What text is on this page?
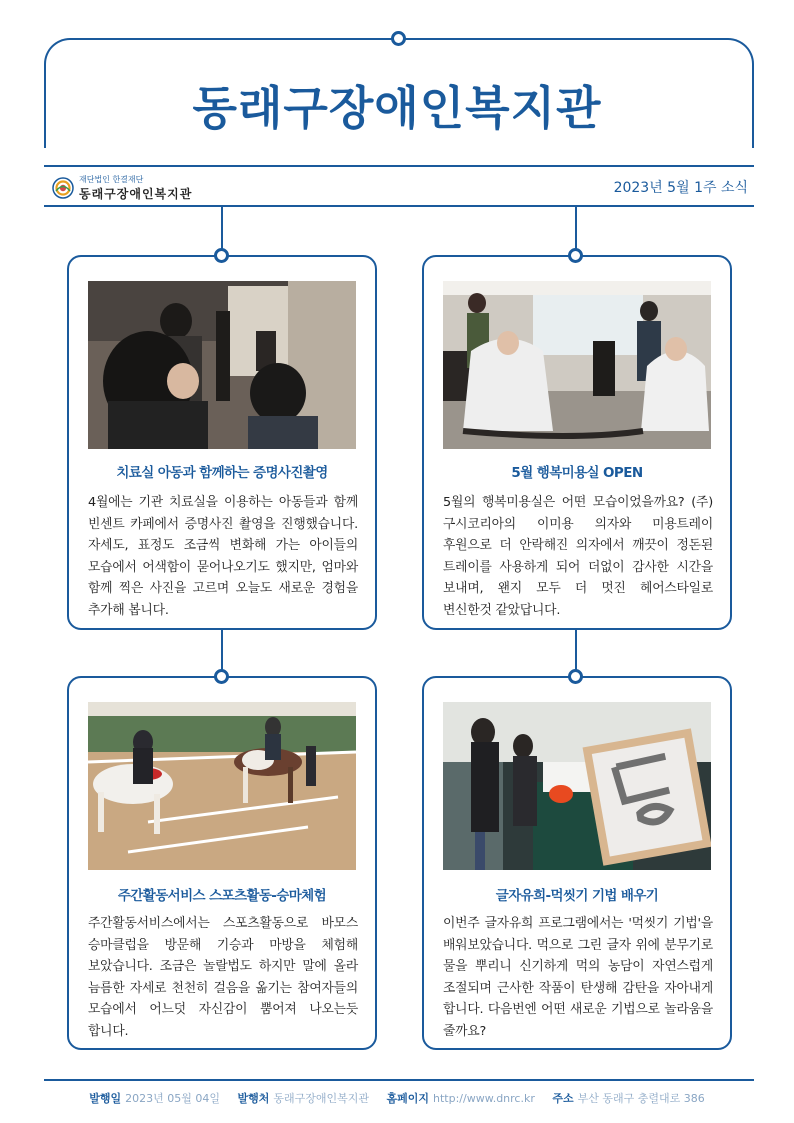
동래구장애인복지관
재단법인 한결재단
동래구장애인복지관	2023년 5월 1주 소식
치료실 아동과 함께하는 증명사진촬영
4월에는 기관 치료실을 이용하는 아동들과 함께 빈센트 카페에서 증명사진 촬영을 진행했습니다. 자세도, 표정도 조금씩 변화해 가는 아이들의 모습에서 어색함이 묻어나오기도 했지만, 엄마와 함께 찍은 사진을 고르며 오늘도 새로운 경험을 추가해 봅니다.
5월 행복미용실 OPEN
5월의 행복미용실은 어떤 모습이었을까요? (주)구시코리아의 이미용 의자와 미용트레이 후원으로 더 안락해진 의자에서 깨끗이 정돈된 트레이를 사용하게 되어 더없이 감사한 시간을 보내며, 왠지 모두 더 멋진 헤어스타일로 변신한것 같았답니다.
주간활동서비스 스포츠활동-승마체험
주간활동서비스에서는 스포츠활동으로 바모스 승마클럽을 방문해 기승과 마방을 체험해 보았습니다. 조금은 놀랄법도 하지만 말에 올라 늠름한 자세로 천천히 걸음을 옮기는 참여자들의 모습에서 어느덧 자신감이 뿜어져 나오는듯 합니다.
글자유희-먹씻기 기법 배우기
이번주 글자유희 프로그램에서는 '먹씻기 기법'을 배워보았습니다. 먹으로 그린 글자 위에 분무기로 물을 뿌리니 신기하게 먹의 농담이 자연스럽게 조절되며 근사한 작품이 탄생해 감탄을 자아내게 합니다. 다음번엔 어떤 새로운 기법으로 놀라움을 줄까요?
발행일 2023년 05월 04일 발행처 동래구장애인복지관 홈페이지 http://www.dnrc.kr 주소 부산 동래구 충렬대로 386
